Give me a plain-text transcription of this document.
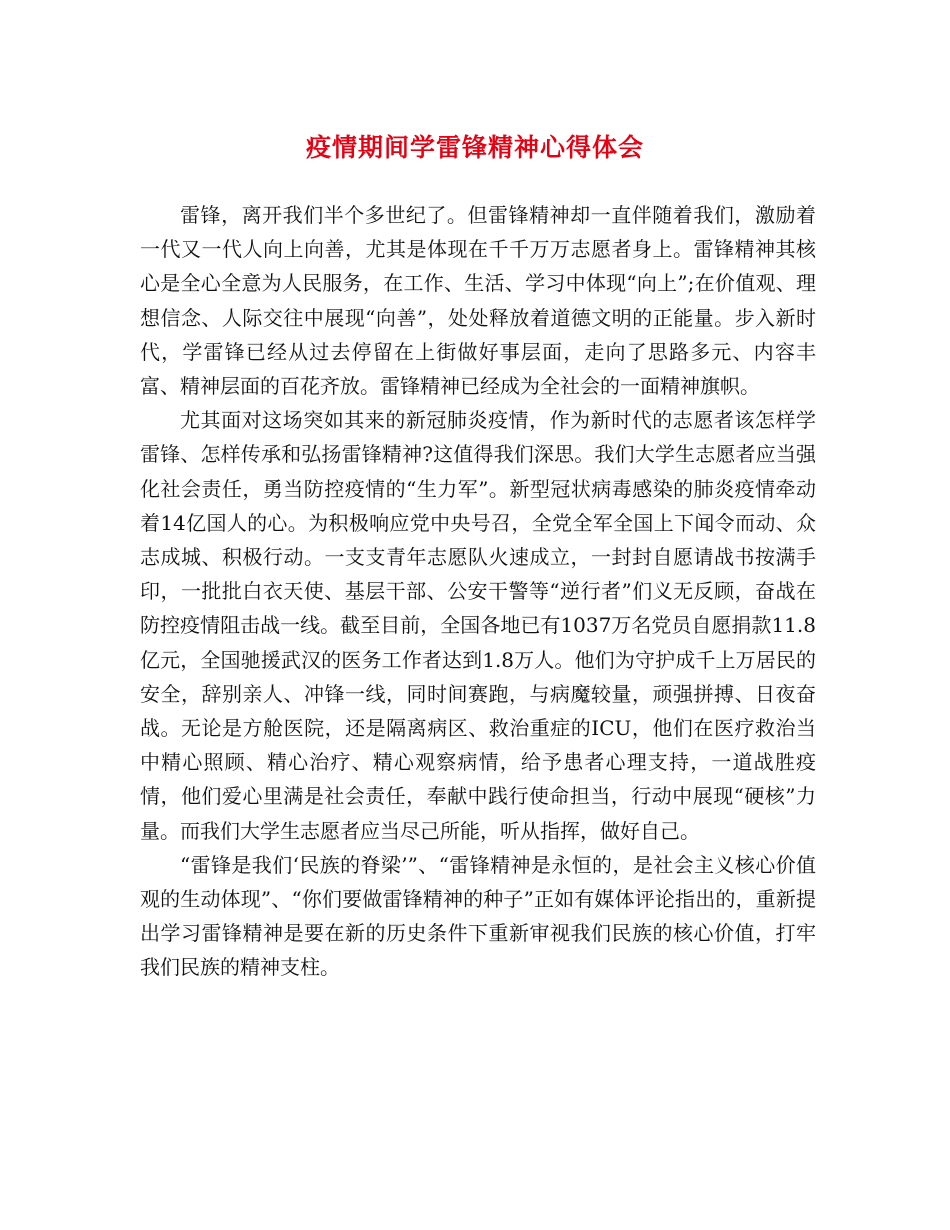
疫情期间学雷锋精神心得体会

雷锋，离开我们半个多世纪了。但雷锋精神却一直伴随着我们，激励着一代又一代人向上向善，尤其是体现在千千万万志愿者身上。雷锋精神其核心是全心全意为人民服务，在工作、生活、学习中体现“向上”;在价值观、理想信念、人际交往中展现“向善”，处处释放着道德文明的正能量。步入新时代，学雷锋已经从过去停留在上街做好事层面，走向了思路多元、内容丰富、精神层面的百花齐放。雷锋精神已经成为全社会的一面精神旗帜。

尤其面对这场突如其来的新冠肺炎疫情，作为新时代的志愿者该怎样学雷锋、怎样传承和弘扬雷锋精神?这值得我们深思。我们大学生志愿者应当强化社会责任，勇当防控疫情的“生力军”。新型冠状病毒感染的肺炎疫情牵动着14亿国人的心。为积极响应党中央号召，全党全军全国上下闻令而动、众志成城、积极行动。一支支青年志愿队火速成立，一封封自愿请战书按满手印，一批批白衣天使、基层干部、公安干警等“逆行者”们义无反顾，奋战在防控疫情阻击战一线。截至目前，全国各地已有1037万名党员自愿捐款11.8亿元，全国驰援武汉的医务工作者达到1.8万人。他们为守护成千上万居民的安全，辞别亲人、冲锋一线，同时间赛跑，与病魔较量，顽强拼搏、日夜奋战。无论是方舱医院，还是隔离病区、救治重症的ICU，他们在医疗救治当中精心照顾、精心治疗、精心观察病情，给予患者心理支持，一道战胜疫情，他们爱心里满是社会责任，奉献中践行使命担当，行动中展现“硬核”力量。而我们大学生志愿者应当尽己所能，听从指挥，做好自己。

“雷锋是我们‘民族的脊梁’”、“雷锋精神是永恒的，是社会主义核心价值观的生动体现”、“你们要做雷锋精神的种子”正如有媒体评论指出的，重新提出学习雷锋精神是要在新的历史条件下重新审视我们民族的核心价值，打牢我们民族的精神支柱。
